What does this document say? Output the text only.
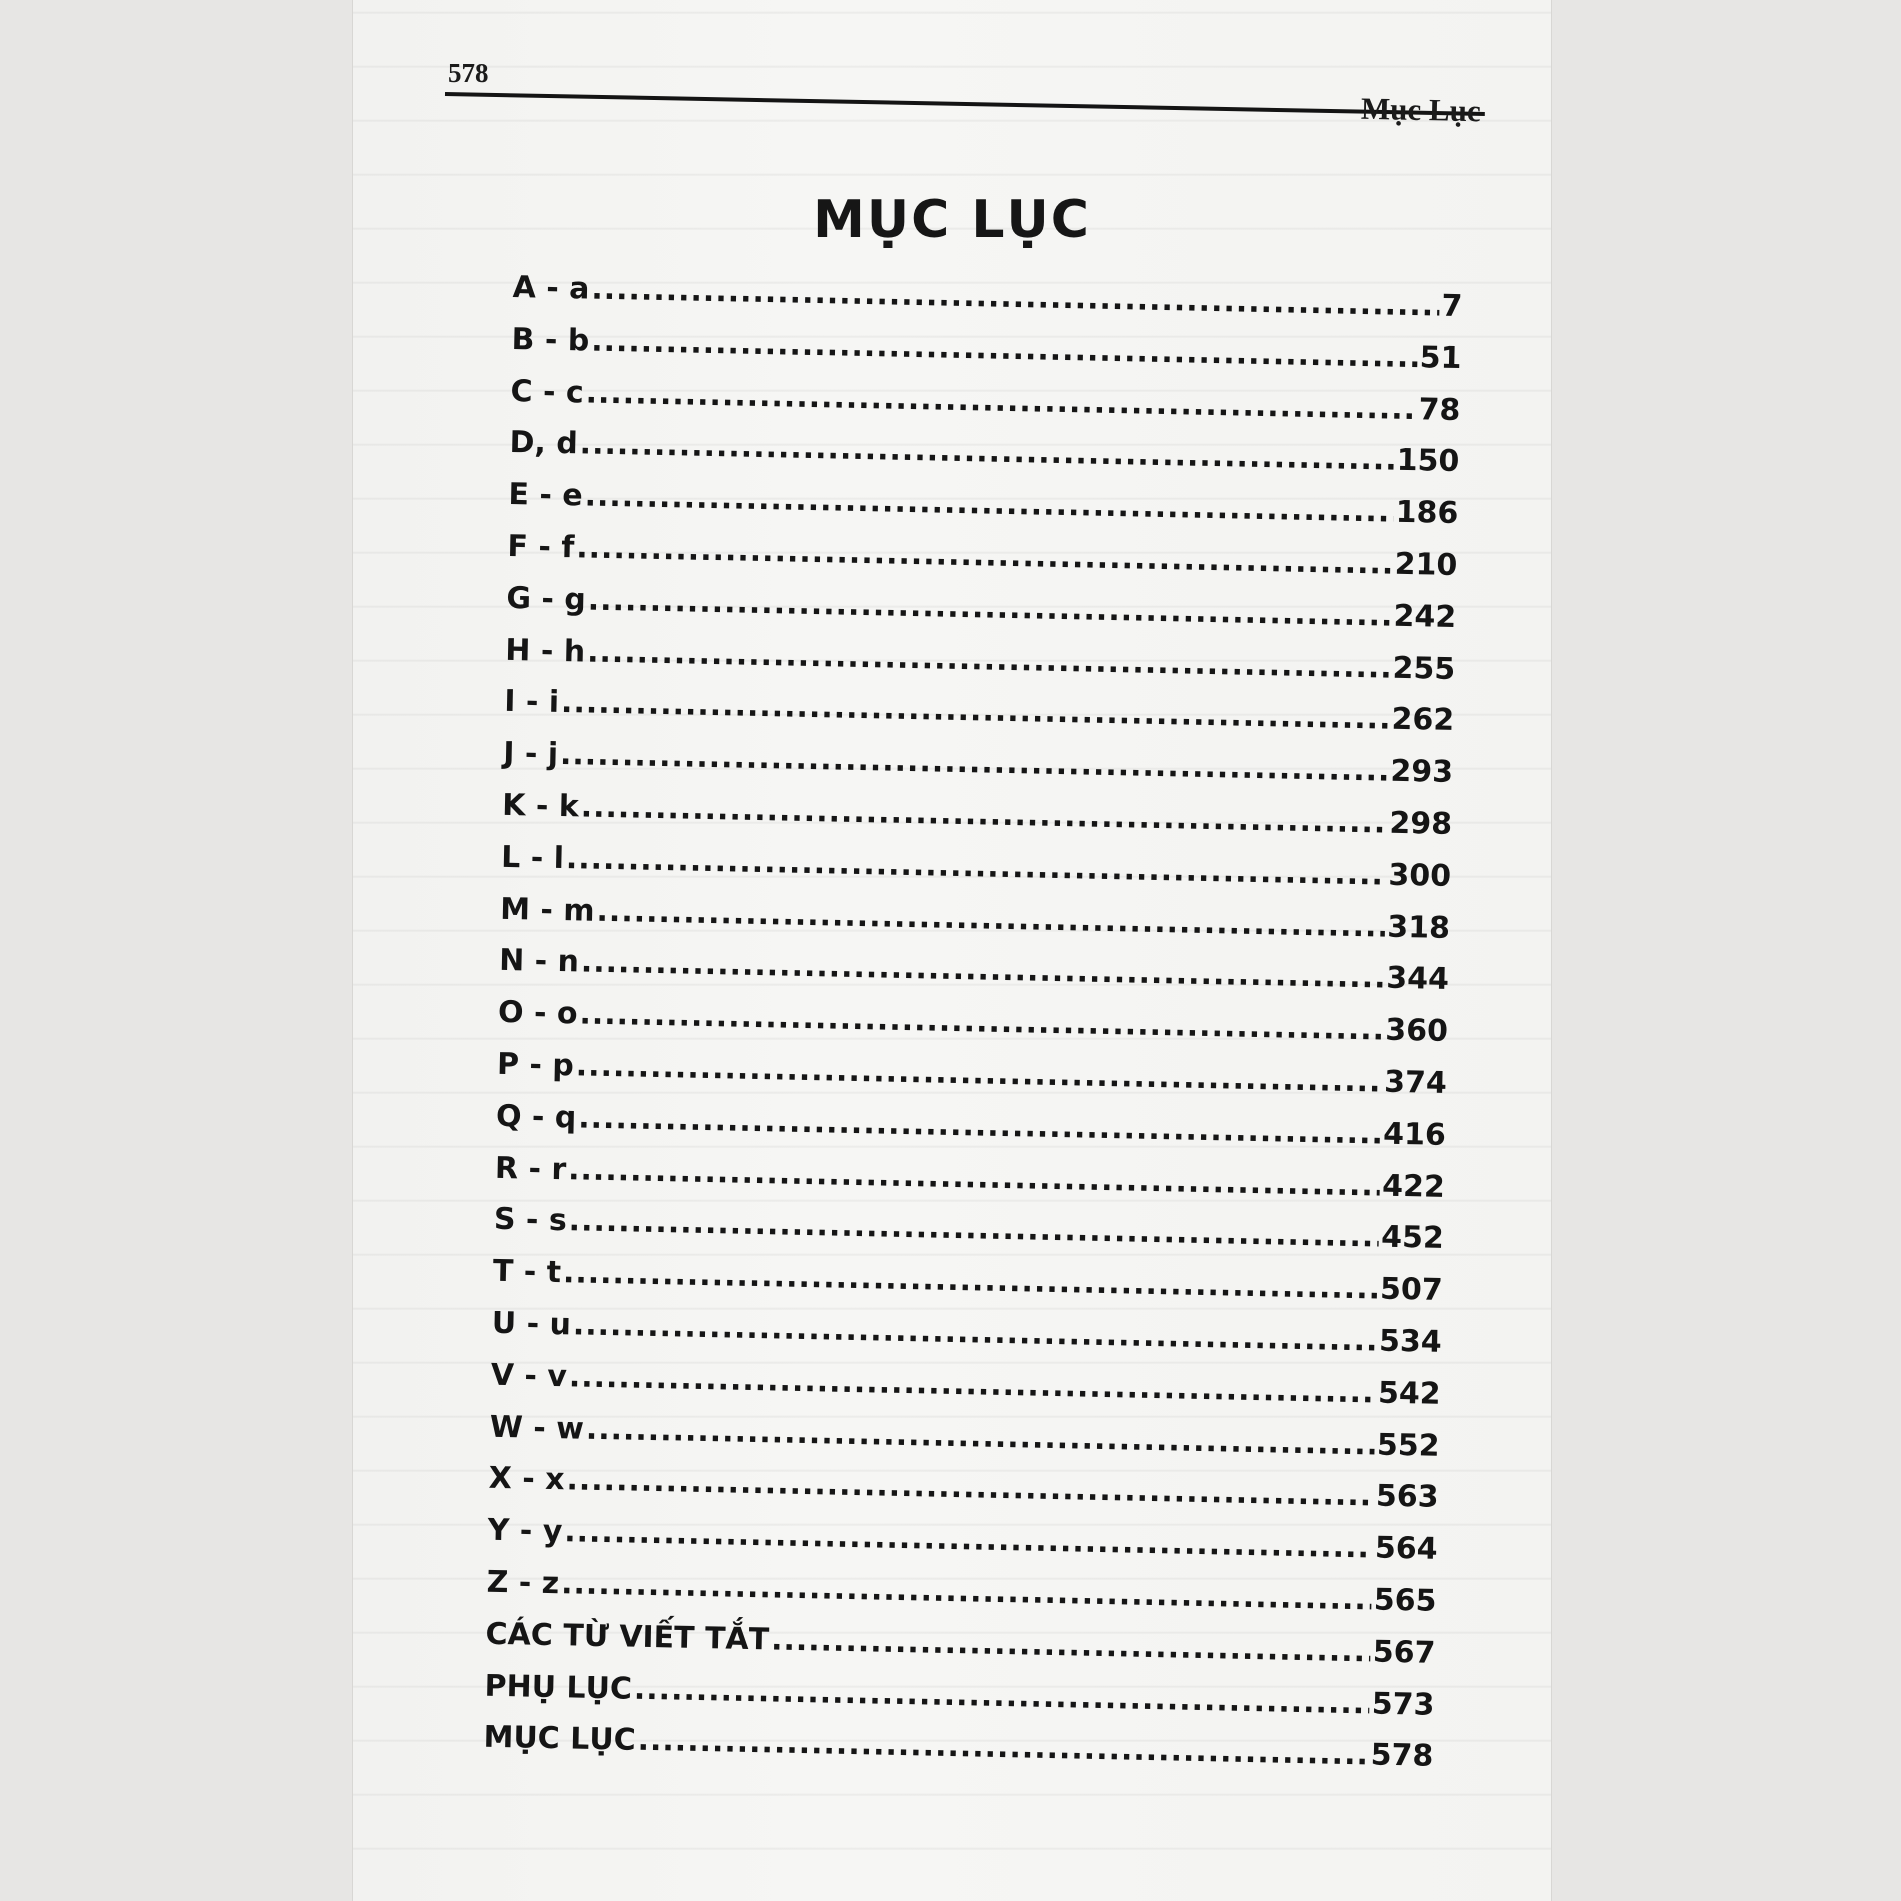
578
Mục Lục
MỤC LỤC
A - a .....	7
B - b .....	51
C - c .....	78
D, d .....	150
E - e .....	186
F - f .....	210
G - g .....	242
H - h .....	255
I - i .....	262
J - j .....	293
K - k .....	298
L - l .....	300
M - m .....	318
N - n .....	344
O - o .....	360
P - p .....	374
Q - q .....	416
R - r .....	422
S - s .....	452
T - t .....	507
U - u .....	534
V - v .....	542
W - w .....	552
X - x .....	563
Y - y .....	564
Z - z .....	565
CÁC TỪ VIẾT TẮT .....	567
PHỤ LỤC .....	573
MỤC LỤC .....	578
